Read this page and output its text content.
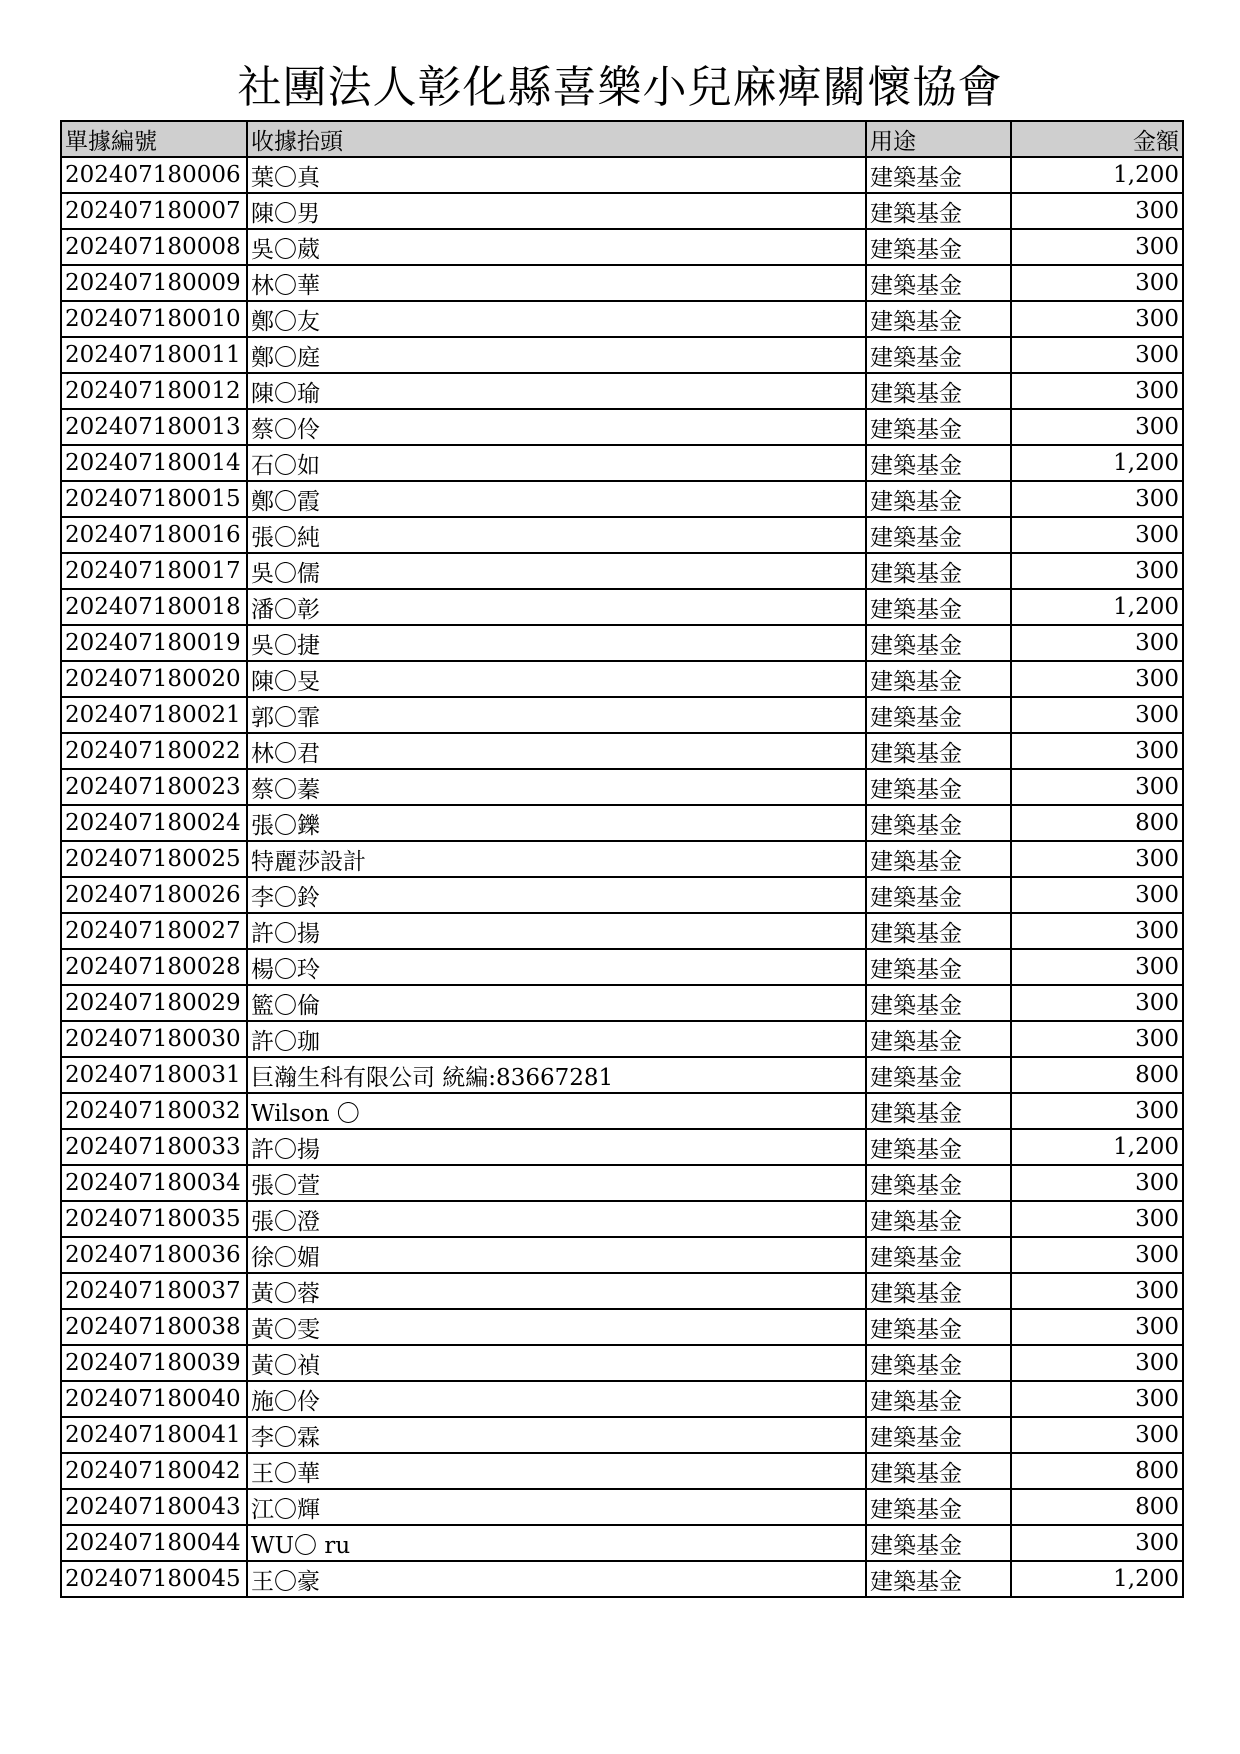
社團法人彰化縣喜樂小兒麻痺關懷協會
單據編號	收據抬頭	用途	金額
202407180006	葉〇真	建築基金	1,200
202407180007	陳〇男	建築基金	300
202407180008	吳〇葳	建築基金	300
202407180009	林〇華	建築基金	300
202407180010	鄭〇友	建築基金	300
202407180011	鄭〇庭	建築基金	300
202407180012	陳〇瑜	建築基金	300
202407180013	蔡〇伶	建築基金	300
202407180014	石〇如	建築基金	1,200
202407180015	鄭〇霞	建築基金	300
202407180016	張〇純	建築基金	300
202407180017	吳〇儒	建築基金	300
202407180018	潘〇彰	建築基金	1,200
202407180019	吳〇捷	建築基金	300
202407180020	陳〇旻	建築基金	300
202407180021	郭〇霏	建築基金	300
202407180022	林〇君	建築基金	300
202407180023	蔡〇蓁	建築基金	300
202407180024	張〇鑠	建築基金	800
202407180025	特麗莎設計	建築基金	300
202407180026	李〇鈴	建築基金	300
202407180027	許〇揚	建築基金	300
202407180028	楊〇玲	建築基金	300
202407180029	籃〇倫	建築基金	300
202407180030	許〇珈	建築基金	300
202407180031	巨瀚生科有限公司 統編:83667281	建築基金	800
202407180032	Wilson 〇	建築基金	300
202407180033	許〇揚	建築基金	1,200
202407180034	張〇萱	建築基金	300
202407180035	張〇澄	建築基金	300
202407180036	徐〇媚	建築基金	300
202407180037	黃〇蓉	建築基金	300
202407180038	黃〇雯	建築基金	300
202407180039	黃〇禎	建築基金	300
202407180040	施〇伶	建築基金	300
202407180041	李〇霖	建築基金	300
202407180042	王〇華	建築基金	800
202407180043	江〇輝	建築基金	800
202407180044	WU〇 ru	建築基金	300
202407180045	王〇豪	建築基金	1,200
